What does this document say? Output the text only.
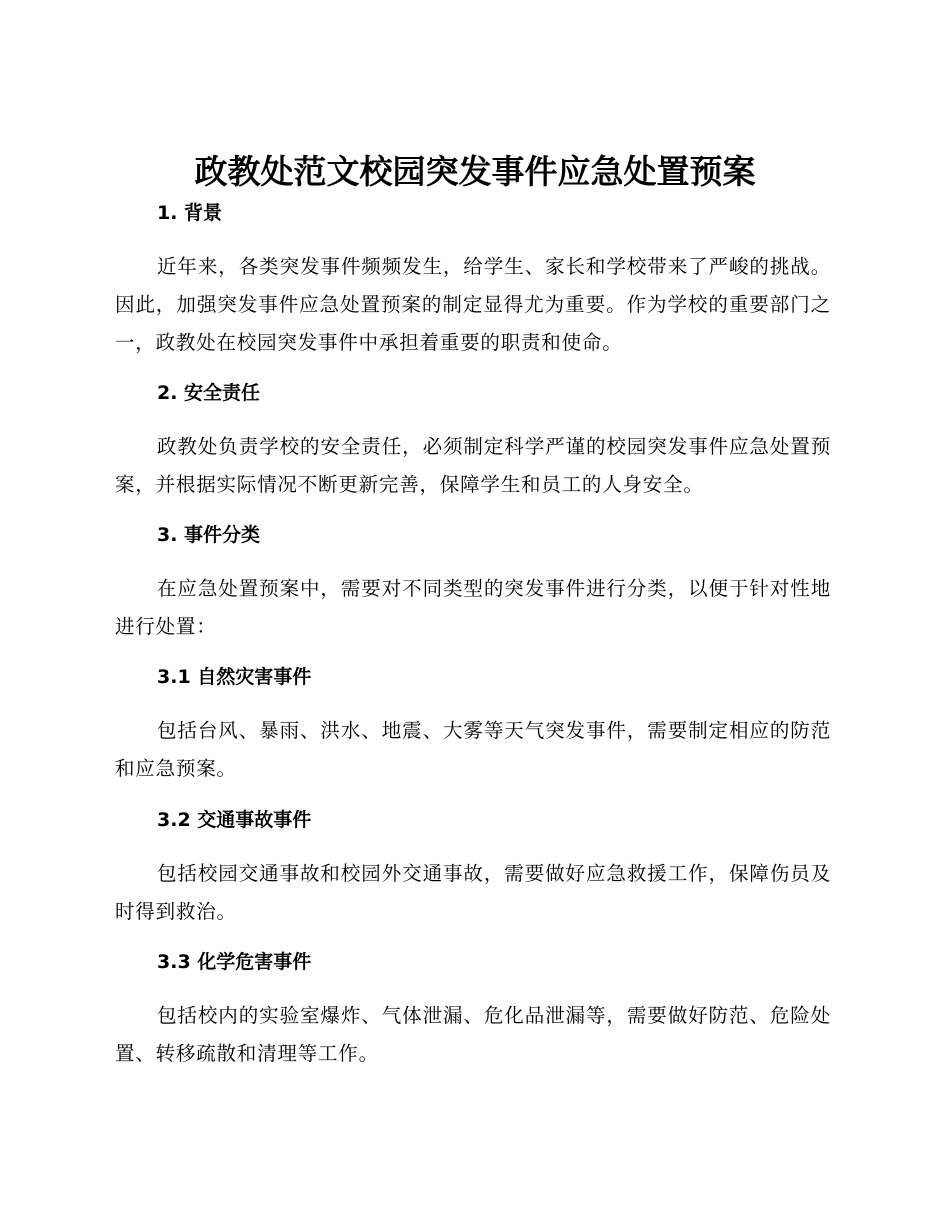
政教处范文校园突发事件应急处置预案
1. 背景

近年来，各类突发事件频频发生，给学生、家长和学校带来了严峻的挑战。因此，加强突发事件应急处置预案的制定显得尤为重要。作为学校的重要部门之一，政教处在校园突发事件中承担着重要的职责和使命。

2. 安全责任

政教处负责学校的安全责任，必须制定科学严谨的校园突发事件应急处置预案，并根据实际情况不断更新完善，保障学生和员工的人身安全。

3. 事件分类

在应急处置预案中，需要对不同类型的突发事件进行分类，以便于针对性地进行处置：

3.1 自然灾害事件

包括台风、暴雨、洪水、地震、大雾等天气突发事件，需要制定相应的防范和应急预案。

3.2 交通事故事件

包括校园交通事故和校园外交通事故，需要做好应急救援工作，保障伤员及时得到救治。

3.3 化学危害事件

包括校内的实验室爆炸、气体泄漏、危化品泄漏等，需要做好防范、危险处置、转移疏散和清理等工作。
